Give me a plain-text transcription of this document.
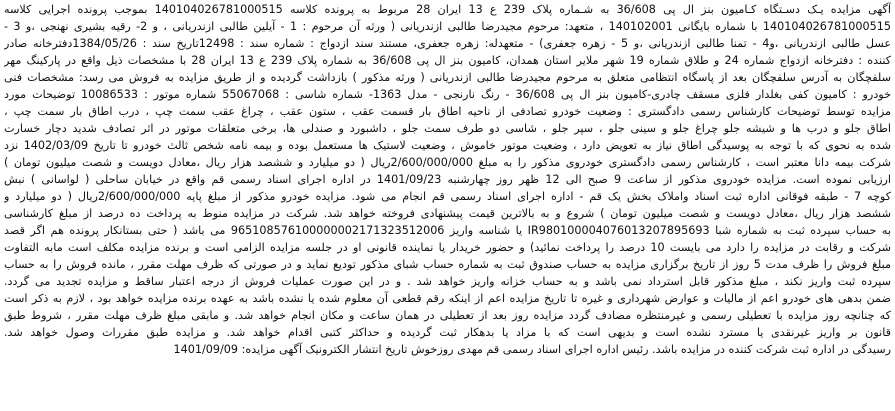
آگهی مزایده یـک دسـتگاه کـامیون بنز ال پی 36/608 به شـماره پلاک 239 ع 13 ایران 28 مربوط به پرونده کلاسه 140104026781000515 بموجب پرونده اجرایی کلاسه
140104026781000515 با شماره بایگانی 140102001 ، متعهد: مرحوم مجیدرضا طالبی ازندریانی ( ورثه آن مرحوم : 1 - آیلین طالبی ازندریانی ، و 2- رقیه بشیری نهنجی ،و 3 -
عسل طالبی ازندریانی ،و4 - تمنا طالبی ازندریانی ،و 5 - زهره جعفری) - متعهدله: زهره جعفری، مستند سند ازدواج : شماره سند : 12498تاریخ سند : 1384/05/26دفترخانه صادر
کننده : دفترخانه ازدواج شماره 24 و طلاق شماره 19 شهر ملایر استان همدان، کامیون بنز ال پی 36/608 به شماره پلاک 239 ع 13 ایران 28 با مشخصات ذیل واقع در پارکینگ مهر
سلفچگان به آدرس سلفچگان بعد از پاسگاه انتظامی متعلق به مرحوم مجیدرضا طالبی ازندریانی ( ورثه مذکور ) بازداشت گردیده و از طریق مزایده به فروش می رسد: مشخصات فنی
خودرو : کامیون کفی بغلدار فلزی مسقف چادری-کامیون بنز ال پی 36/608 - رنگ نارنجی - مدل 1363- شماره شاسی : 55067068 شماره موتور : 10086533 توضیحات مورد
مزایده توسط توضیحات کارشناس رسمی دادگستری : وضعیت خودرو تصادفی از ناحیه اطاق بار قسمت عقب ، ستون عقب ، چراغ عقب سمت چپ ، درب اطاق بار سمت چپ ،
اطاق جلو و درب ها و شیشه جلو چراغ جلو و سینی جلو ، سپر جلو ، شاسی دو طرف سمت جلو ، داشبورد و صندلی ها، برخی متعلقات موتور در اثر تصادف شدید دچار خسارت
شده به نحوی که با توجه به پوسیدگی اطاق نیاز به تعویض دارد ، وضعیت موتور خاموش ، وضعیت لاستیک ها مستعمل بوده و بیمه نامه شخص ثالث خودرو تا تاریخ 1402/03/09 نزد
شرکت بیمه دانا معتبر است ، کارشناس رسمی دادگستری خودروی مذکور را به مبلغ 2/600/000/000ریال ( دو میلیارد و ششصد هزار ریال ،معادل دویست و شصت میلیون تومان )
ارزیابی نموده است. مزایده خودروی مذکور از ساعت 9 صبح الی 12 ظهر روز چهارشنبه 1401/09/23 در اداره اجرای اسناد رسمی قم واقع در خیابان ساحلی ( لواسانی ) نبش
کوچه 7 - طبقه فوقانی اداره ثبت اسناد واملاک بخش یک قم - اداره اجرای اسناد رسمی قم انجام می شود. مزایده خودرو مذکور از مبلغ پایه 2/600/000/000ریال ( دو میلیارد و
ششصد هزار ریال ،معادل دویست و شصت میلیون تومان ) شروع و به بالاترین قیمت پیشنهادی فروخته خواهد شد. شرکت در مزایده منوط به پرداخت ده درصد از مبلغ کارشناسی
به حساب سپرده ثبت به شماره شبا IR980100004076013207895693 یا شناسه واریز 965108576100000002171323512006 می باشد ( حتی بستانکار پرونده هم اگر قصد
شرکت و رقابت در مزایده را دارد می بایست 10 درصد را پرداخت نمائید) و حضور خریدار یا نماینده قانونی او در جلسه مزایده الزامی است و برنده مزایده مکلف است مابه التفاوت
مبلغ فروش را ظرف مدت 5 روز از تاریخ برگزاری مزایده به حساب صندوق ثبت به شماره حساب شبای مذکور تودیع نماید و در صورتی که ظرف مهلت مقرر ، مانده فروش را به حساب
سپرده ثبت واریز نکند ، مبلغ مذکور قابل استرداد نمی باشد و به حساب خزانه واریز خواهد شد . و در این صورت عملیات فروش از درجه اعتبار ساقط و مزایده تجدید می گردد.
ضمن بدهی های خودرو اعم از مالیات و عوارض شهرداری و غیره تا تاریخ مزایده اعم از اینکه رقم قطعی آن معلوم شده یا نشده باشد به عهده برنده مزایده خواهد بود ، لازم به ذکر است
که چنانچه روز مزایده با تعطیلی رسمی و غیرمنتظره مصادف گردد مزایده روز بعد از تعطیلی در همان ساعت و مکان انجام خواهد شد. و مابقی مبلغ ظرف مهلت مقرر ، شروط طبق
قانون بر واریز غیرنقدی یا مسترد نشده است و بدیهی است که با مزاد یا بدهکار ثبت گردیده و حداکثر کتبی اقدام خواهد شد. و مزایده طبق مقررات وصول خواهد شد.
رسیدگی در اداره ثبت شرکت کننده در مزایده باشد. رئیس اداره اجرای اسناد رسمی قم مهدی روزخوش تاریخ انتشار الکترونیک آگهی مزایده: 1401/09/09
